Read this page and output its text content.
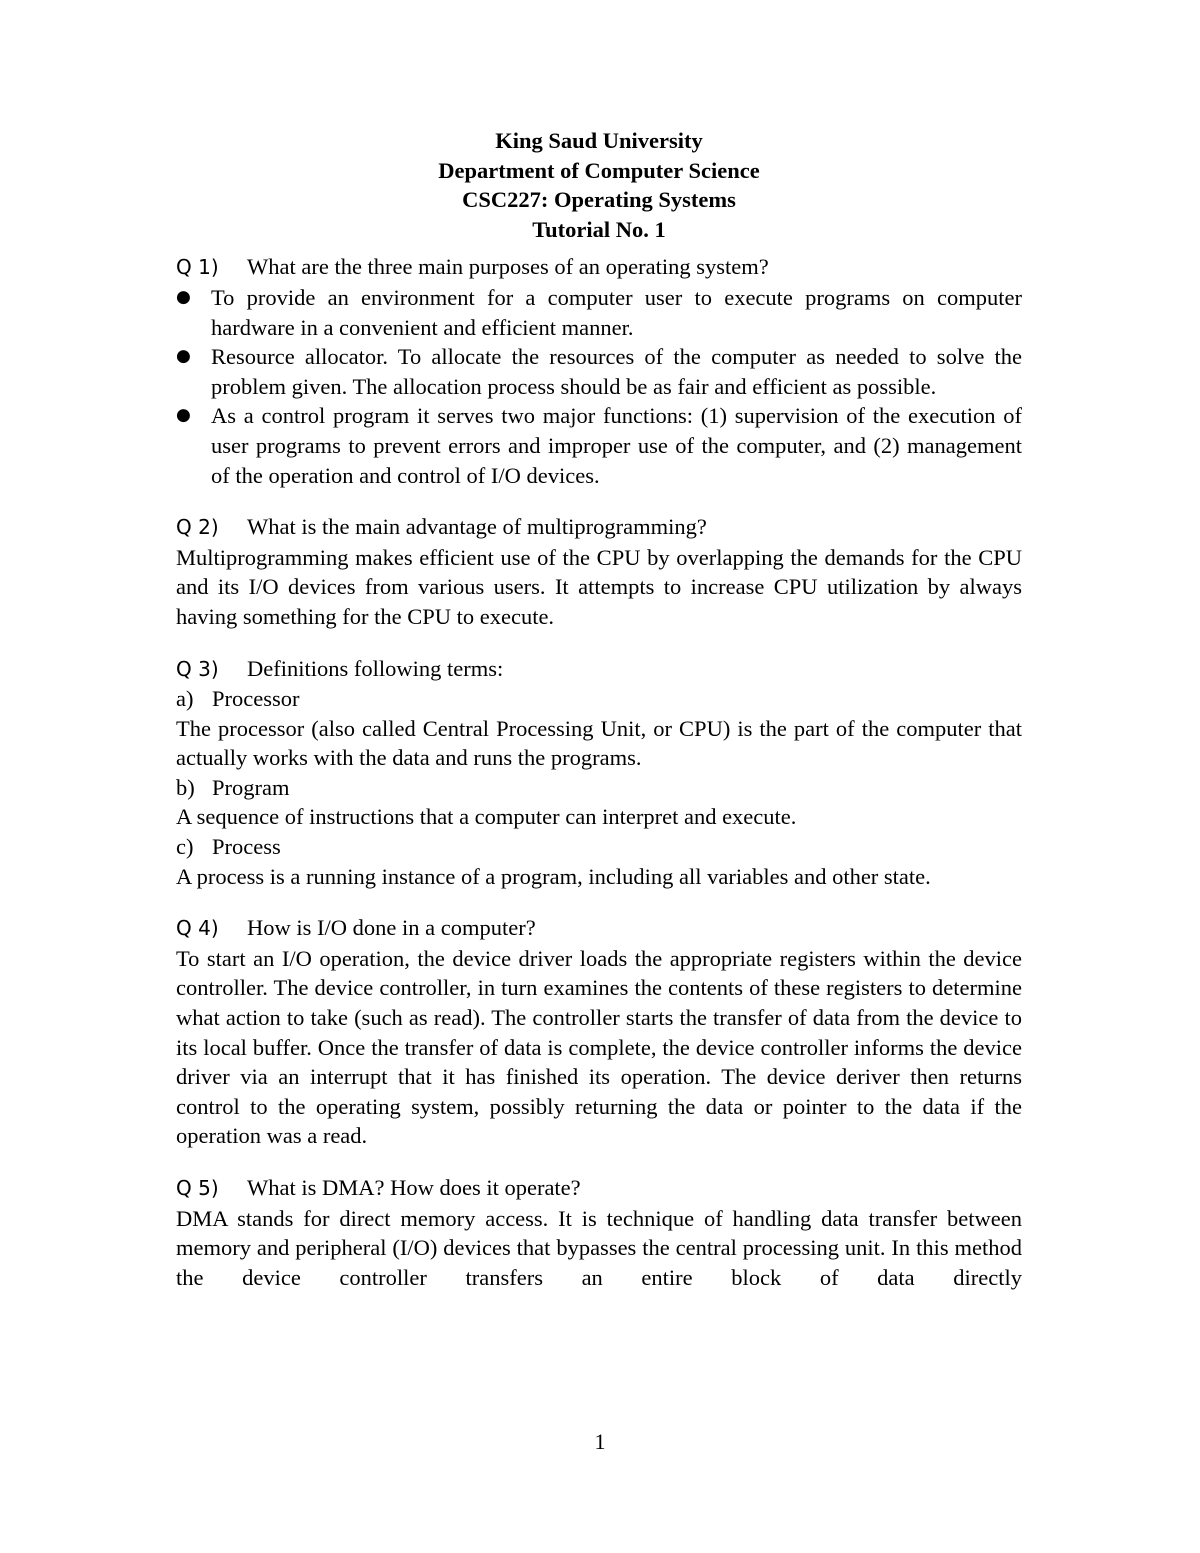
King Saud University
Department of Computer Science
CSC227: Operating Systems
Tutorial No. 1

Q 1) What are the three main purposes of an operating system?

● To provide an environment for a computer user to execute programs on computer hardware in a convenient and efficient manner.
● Resource allocator. To allocate the resources of the computer as needed to solve the problem given. The allocation process should be as fair and efficient as possible.
● As a control program it serves two major functions: (1) supervision of the execution of user programs to prevent errors and improper use of the computer, and (2) management of the operation and control of I/O devices.

Q 2) What is the main advantage of multiprogramming?

Multiprogramming makes efficient use of the CPU by overlapping the demands for the CPU and its I/O devices from various users. It attempts to increase CPU utilization by always having something for the CPU to execute.

Q 3) Definitions following terms:

a) Processor

The processor (also called Central Processing Unit, or CPU) is the part of the computer that actually works with the data and runs the programs.

b) Program

A sequence of instructions that a computer can interpret and execute.

c) Process

A process is a running instance of a program, including all variables and other state.

Q 4) How is I/O done in a computer?

To start an I/O operation, the device driver loads the appropriate registers within the device controller. The device controller, in turn examines the contents of these registers to determine what action to take (such as read). The controller starts the transfer of data from the device to its local buffer. Once the transfer of data is complete, the device controller informs the device driver via an interrupt that it has finished its operation. The device deriver then returns control to the operating system, possibly returning the data or pointer to the data if the operation was a read.

Q 5) What is DMA? How does it operate?

DMA stands for direct memory access. It is technique of handling data transfer between memory and peripheral (I/O) devices that bypasses the central processing unit. In this method the device controller transfers an entire block of data directly

1
